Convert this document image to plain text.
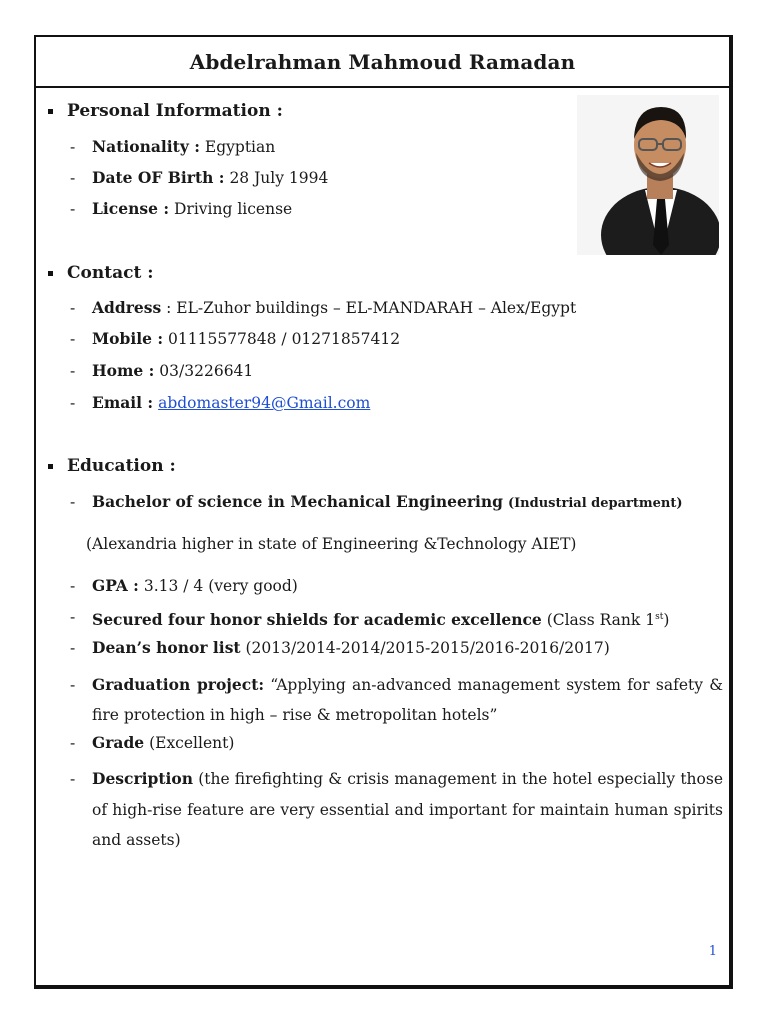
Abdelrahman Mahmoud Ramadan
Personal Information :
-	Nationality : Egyptian
-	Date OF Birth : 28 July 1994
-	License : Driving license
Contact :
-	Address : EL-Zuhor buildings – EL-MANDARAH – Alex/Egypt
-	Mobile : 01115577848 / 01271857412
-	Home : 03/3226641
-	Email : abdomaster94@Gmail.com
Education :
-	Bachelor of science in Mechanical Engineering (Industrial department)
(Alexandria higher in state of Engineering &Technology AIET)
-	GPA : 3.13 / 4 (very good)
-	Secured four honor shields for academic excellence (Class Rank 1st)
-	Dean’s honor list (2013/2014-2014/2015-2015/2016-2016/2017)
-	Graduation project: “Applying an-advanced management system for safety & fire protection in high – rise & metropolitan hotels”
-	Grade (Excellent)
-	Description (the firefighting & crisis management in the hotel especially those of high-rise feature are very essential and important for maintain human spirits and assets)
1
